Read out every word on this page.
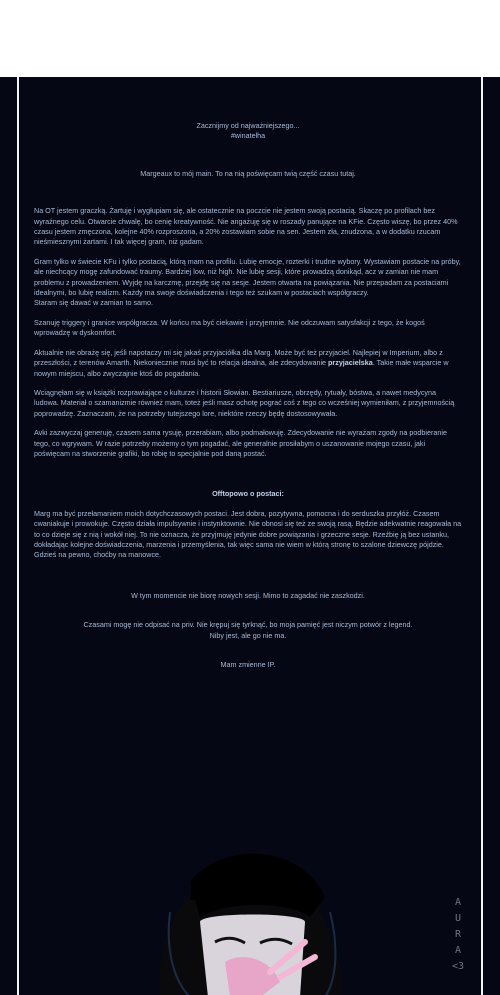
Zacznijmy od najważniejszego...

#winatelha

Margeaux to mój main. To na nią poświęcam twią część czasu tutaj.

Na OT jestem graczką. Żartuję i wygłupiam się, ale ostatecznie na poczcie nie jestem swoją postacią. Skaczę po profilach bez wyraźnego celu. Otwarcie chwalę, bo cenię kreatywność. Nie angażuję się w roszady panujące na KFie. Często wiszę, bo przez 40% czasu jestem zmęczona, kolejne 40% rozproszona, a 20% zostawiam sobie na sen. Jestem zła, znudzona, a w dodatku rzucam nieśmiesznymi żartami. I tak więcej gram, niż gadam.

Gram tylko w świecie KFu i tylko postacią, którą mam na profilu. Lubię emocje, rozterki i trudne wybory. Wystawiam postacie na próby, ale niechcący mogę zafundować traumy. Bardziej low, niż high. Nie lubię sesji, które prowadzą donikąd, acz w zamian nie mam problemu z prowadzeniem. Wyjdę na karczmę, przejdę się na sesje. Jestem otwarta na powiązania. Nie przepadam za postaciami idealnymi, bo lubię realizm. Każdy ma swoje doświadczenia i tego też szukam w postaciach współgraczy.

Staram się dawać w zamian to samo.

Szanuję triggery i granice współgracza. W końcu ma być ciekawie i przyjemnie. Nie odczuwam satysfakcji z tego, że kogoś wprowadzę w dyskomfort.

Aktualnie nie obrażę się, jeśli napotaczy mi się jakaś przyjaciółka dla Marg. Może być też przyjaciel. Najlepiej w Imperium, albo z przeszłości, z terenów Amarth. Niekoniecznie musi być to relacja idealna, ale zdecydowanie przyjacielska. Takie małe wsparcie w nowym miejscu, albo zwyczajnie ktoś do pogadania.

Wciągnęłam się w książki rozprawiające o kulturze i historii Słowian. Bestiariusze, obrzędy, rytuały, bóstwa, a nawet medycyna ludowa. Materiał o szamanizmie również mam, toteż jeśli masz ochotę pograć coś z tego co wcześniej wymieniłam, z przyjemnością poprowadzę. Zaznaczam, że na potrzeby tutejszego lore, niektóre rzeczy będę dostosowywała.

Avki zazwyczaj generuję, czasem sama rysuję, przerabiam, albo podmałowuję. Zdecydowanie nie wyrażam zgody na podbieranie tego, co wgrywam. W razie potrzeby możemy o tym pogadać, ale generalnie prosiłabym o uszanowanie mojego czasu, jaki poświęcam na stworzenie grafiki, bo robię to specjalnie pod daną postać.

Offtopowo o postaci:

Marg ma być przełamaniem moich dotychczasowych postaci. Jest dobra, pozytywna, pomocna i do serduszka przyłóż. Czasem cwaniakuje i prowokuje. Często działa impulsywnie i instynktownie. Nie obnosi się też ze swoją rasą. Będzie adekwatnie reagowała na to co dzieje się z nią i wokół niej. To nie oznacza, że przyjmuję jedynie dobre powiązania i grzeczne sesje. Rzeźbię ją bez ustanku, dokładając kolejne doświadczenia, marzenia i przemyślenia, tak więc sama nie wiem w którą stronę to szalone dziewczę pójdzie. Gdzieś na pewno, choćby na manowce.

W tym momencie nie biorę nowych sesji. Mimo to zagadać nie zaszkodzi.

Czasami mogę nie odpisać na priv. Nie krępuj się tyrknąć, bo moja pamięć jest niczym potwór z legend.

Niby jest, ale go nie ma.

Mam zmienne IP.

A
U
R
A
<3
